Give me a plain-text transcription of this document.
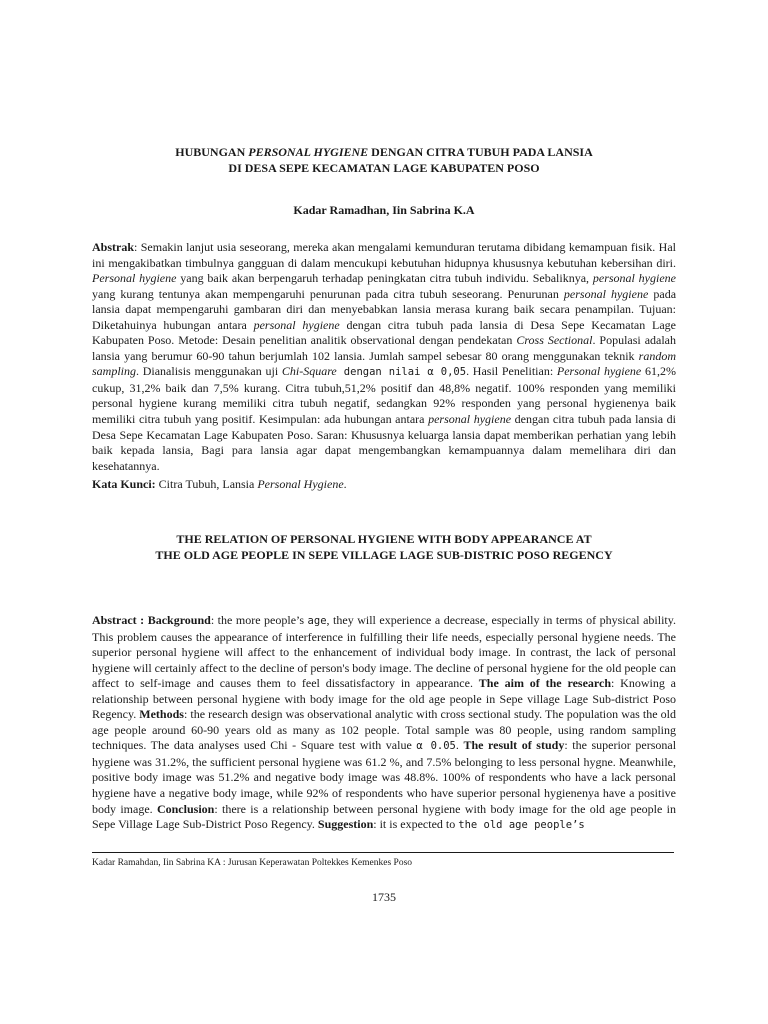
HUBUNGAN PERSONAL HYGIENE DENGAN CITRA TUBUH PADA LANSIA
DI DESA SEPE KECAMATAN LAGE KABUPATEN POSO
Kadar Ramadhan, Iin Sabrina K.A

Abstrak: Semakin lanjut usia seseorang, mereka akan mengalami kemunduran terutama dibidang kemampuan fisik. Hal ini mengakibatkan timbulnya gangguan di dalam mencukupi kebutuhan hidupnya khususnya kebutuhan kebersihan diri. Personal hygiene yang baik akan berpengaruh terhadap peningkatan citra tubuh individu. Sebaliknya, personal hygiene yang kurang tentunya akan mempengaruhi penurunan pada citra tubuh seseorang. Penurunan personal hygiene pada lansia dapat mempengaruhi gambaran diri dan menyebabkan lansia merasa kurang baik secara penampilan. Tujuan: Diketahuinya hubungan antara personal hygiene dengan citra tubuh pada lansia di Desa Sepe Kecamatan Lage Kabupaten Poso. Metode: Desain penelitian analitik observational dengan pendekatan Cross Sectional. Populasi adalah lansia yang berumur 60-90 tahun berjumlah 102 lansia. Jumlah sampel sebesar 80 orang menggunakan teknik random sampling. Dianalisis menggunakan uji Chi-Square dengan nilai α 0,05. Hasil Penelitian: Personal hygiene 61,2% cukup, 31,2% baik dan 7,5% kurang. Citra tubuh,51,2% positif dan 48,8% negatif. 100% responden yang memiliki personal hygiene kurang memiliki citra tubuh negatif, sedangkan 92% responden yang personal hygienenya baik memiliki citra tubuh yang positif. Kesimpulan: ada hubungan antara personal hygiene dengan citra tubuh pada lansia di Desa Sepe Kecamatan Lage Kabupaten Poso. Saran: Khususnya keluarga lansia dapat memberikan perhatian yang lebih baik kepada lansia, Bagi para lansia agar dapat mengembangkan kemampuannya dalam memelihara diri dan kesehatannya.

Kata Kunci: Citra Tubuh, Lansia Personal Hygiene.

THE RELATION OF PERSONAL HYGIENE WITH BODY APPEARANCE AT
THE OLD AGE PEOPLE IN SEPE VILLAGE LAGE SUB-DISTRIC POSO REGENCY

Abstract : Background: the more people’s age, they will experience a decrease, especially in terms of physical ability. This problem causes the appearance of interference in fulfilling their life needs, especially personal hygiene needs. The superior personal hygiene will affect to the enhancement of individual body image. In contrast, the lack of personal hygiene will certainly affect to the decline of person's body image. The decline of personal hygiene for the old people can affect to self-image and causes them to feel dissatisfactory in appearance. The aim of the research: Knowing a relationship between personal hygiene with body image for the old age people in Sepe village Lage Sub-district Poso Regency. Methods: the research design was observational analytic with cross sectional study. The population was the old age people around 60-90 years old as many as 102 people. Total sample was 80 people, using random sampling techniques. The data analyses used Chi - Square test with value α 0.05. The result of study: the superior personal hygiene was 31.2%, the sufficient personal hygiene was 61.2 %, and 7.5% belonging to less personal hygne. Meanwhile, positive body image was 51.2% and negative body image was 48.8%. 100% of respondents who have a lack personal hygiene have a negative body image, while 92% of respondents who have superior personal hygienenya have a positive body image. Conclusion: there is a relationship between personal hygiene with body image for the old age people in Sepe Village Lage Sub-District Poso Regency. Suggestion: it is expected to the old age people’s

Kadar Ramahdan, Iin Sabrina KA : Jurusan Keperawatan Poltekkes Kemenkes Poso
1735
